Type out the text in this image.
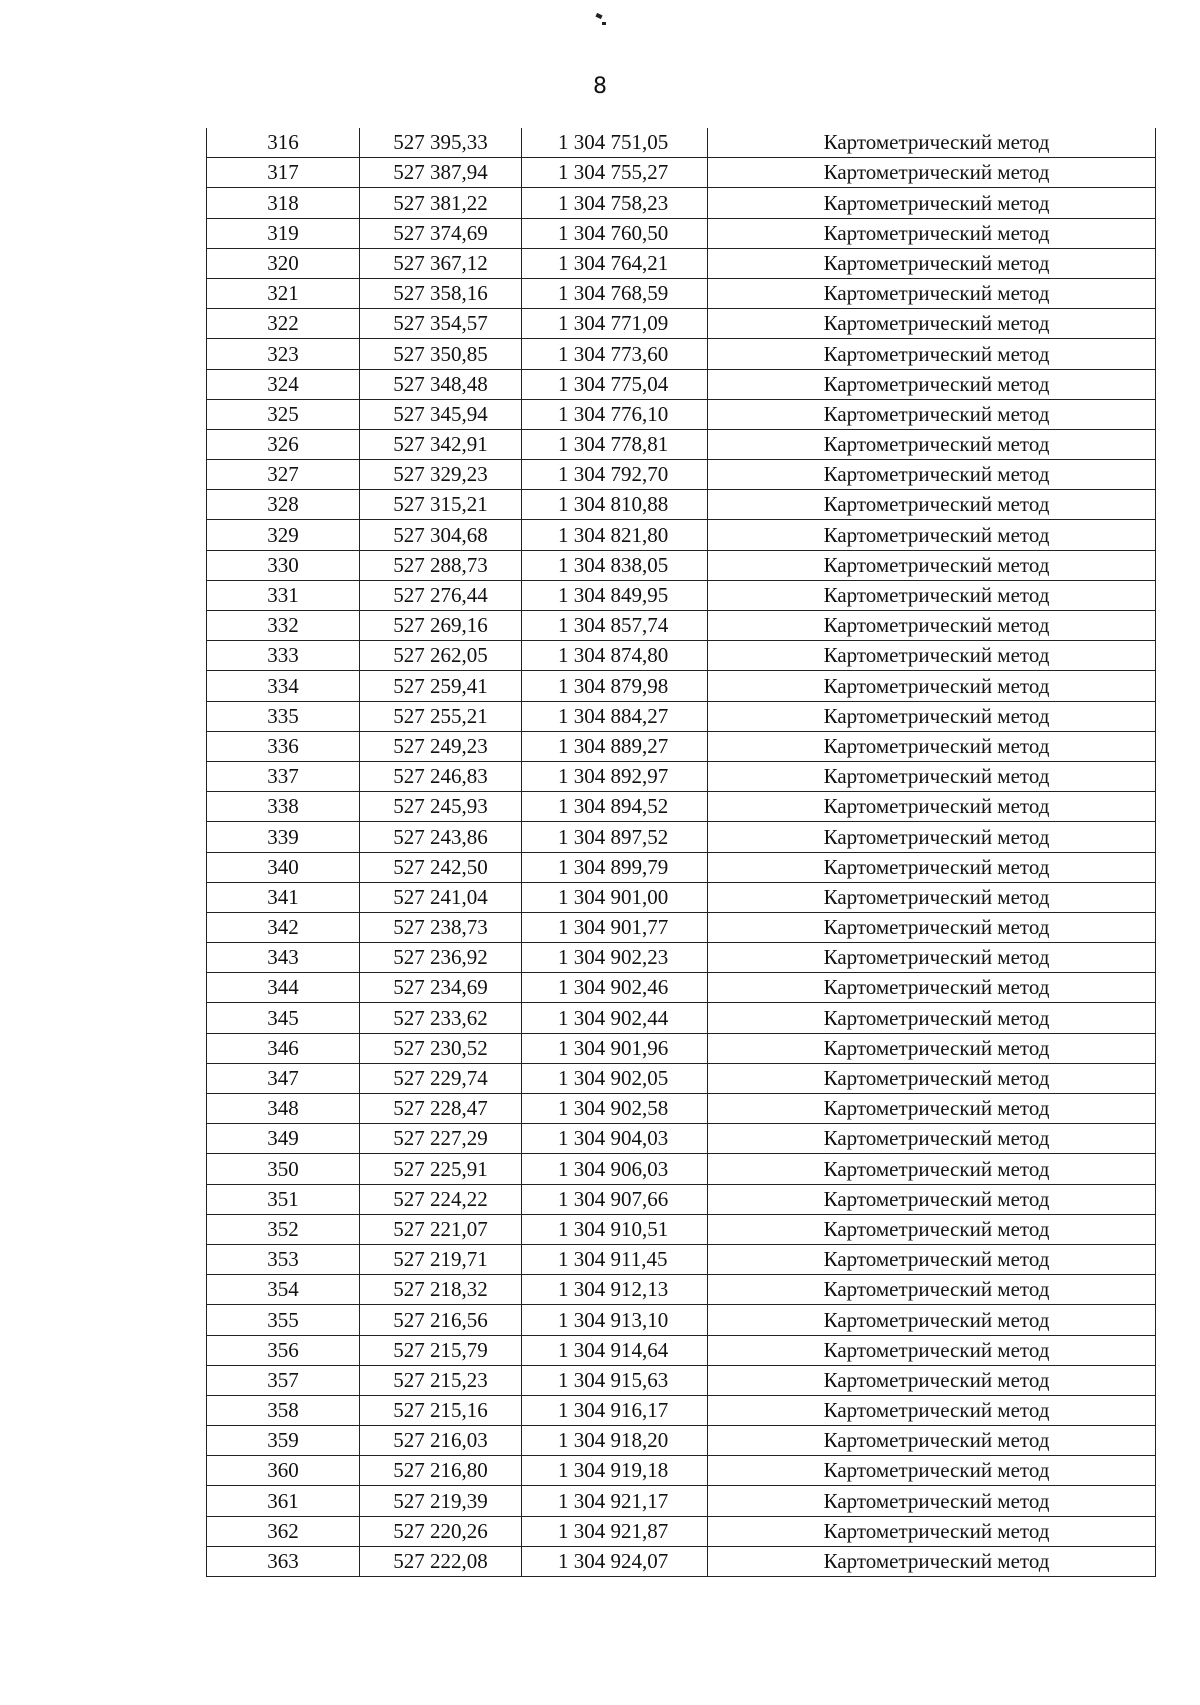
8
316	527 395,33	1 304 751,05	Картометрический метод
317	527 387,94	1 304 755,27	Картометрический метод
318	527 381,22	1 304 758,23	Картометрический метод
319	527 374,69	1 304 760,50	Картометрический метод
320	527 367,12	1 304 764,21	Картометрический метод
321	527 358,16	1 304 768,59	Картометрический метод
322	527 354,57	1 304 771,09	Картометрический метод
323	527 350,85	1 304 773,60	Картометрический метод
324	527 348,48	1 304 775,04	Картометрический метод
325	527 345,94	1 304 776,10	Картометрический метод
326	527 342,91	1 304 778,81	Картометрический метод
327	527 329,23	1 304 792,70	Картометрический метод
328	527 315,21	1 304 810,88	Картометрический метод
329	527 304,68	1 304 821,80	Картометрический метод
330	527 288,73	1 304 838,05	Картометрический метод
331	527 276,44	1 304 849,95	Картометрический метод
332	527 269,16	1 304 857,74	Картометрический метод
333	527 262,05	1 304 874,80	Картометрический метод
334	527 259,41	1 304 879,98	Картометрический метод
335	527 255,21	1 304 884,27	Картометрический метод
336	527 249,23	1 304 889,27	Картометрический метод
337	527 246,83	1 304 892,97	Картометрический метод
338	527 245,93	1 304 894,52	Картометрический метод
339	527 243,86	1 304 897,52	Картометрический метод
340	527 242,50	1 304 899,79	Картометрический метод
341	527 241,04	1 304 901,00	Картометрический метод
342	527 238,73	1 304 901,77	Картометрический метод
343	527 236,92	1 304 902,23	Картометрический метод
344	527 234,69	1 304 902,46	Картометрический метод
345	527 233,62	1 304 902,44	Картометрический метод
346	527 230,52	1 304 901,96	Картометрический метод
347	527 229,74	1 304 902,05	Картометрический метод
348	527 228,47	1 304 902,58	Картометрический метод
349	527 227,29	1 304 904,03	Картометрический метод
350	527 225,91	1 304 906,03	Картометрический метод
351	527 224,22	1 304 907,66	Картометрический метод
352	527 221,07	1 304 910,51	Картометрический метод
353	527 219,71	1 304 911,45	Картометрический метод
354	527 218,32	1 304 912,13	Картометрический метод
355	527 216,56	1 304 913,10	Картометрический метод
356	527 215,79	1 304 914,64	Картометрический метод
357	527 215,23	1 304 915,63	Картометрический метод
358	527 215,16	1 304 916,17	Картометрический метод
359	527 216,03	1 304 918,20	Картометрический метод
360	527 216,80	1 304 919,18	Картометрический метод
361	527 219,39	1 304 921,17	Картометрический метод
362	527 220,26	1 304 921,87	Картометрический метод
363	527 222,08	1 304 924,07	Картометрический метод
